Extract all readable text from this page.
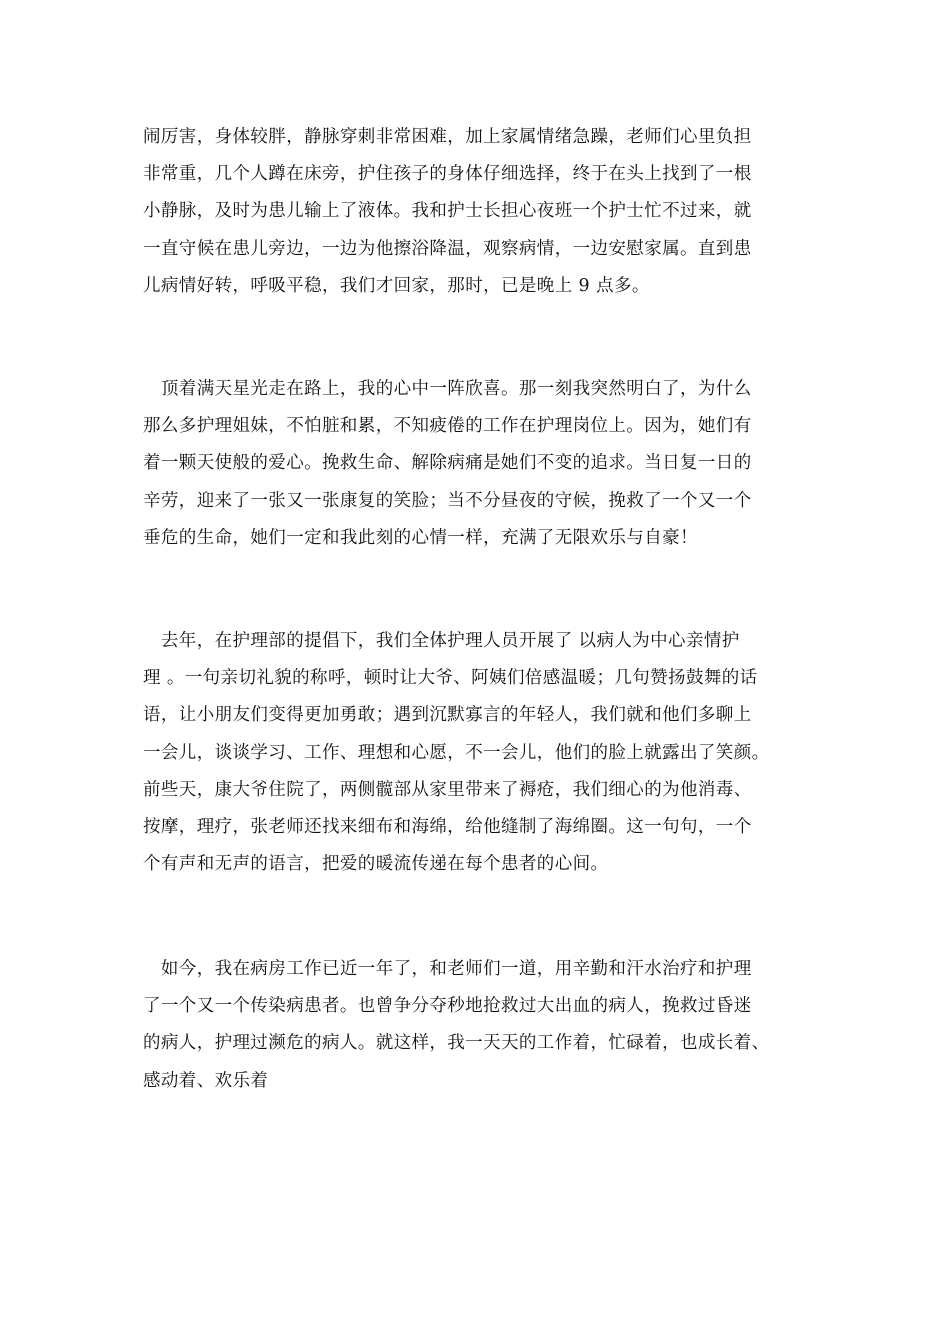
闹厉害，身体较胖，静脉穿刺非常困难，加上家属情绪急躁，老师们心里负担
非常重，几个人蹲在床旁，护住孩子的身体仔细选择，终于在头上找到了一根
小静脉，及时为患儿输上了液体。我和护士长担心夜班一个护士忙不过来，就
一直守候在患儿旁边，一边为他擦浴降温，观察病情，一边安慰家属。直到患
儿病情好转，呼吸平稳，我们才回家，那时，已是晚上 9 点多。

　顶着满天星光走在路上，我的心中一阵欣喜。那一刻我突然明白了，为什么
那么多护理姐妹，不怕脏和累，不知疲倦的工作在护理岗位上。因为，她们有
着一颗天使般的爱心。挽救生命、解除病痛是她们不变的追求。当日复一日的
辛劳，迎来了一张又一张康复的笑脸；当不分昼夜的守候，挽救了一个又一个
垂危的生命，她们一定和我此刻的心情一样，充满了无限欢乐与自豪！

　去年，在护理部的提倡下，我们全体护理人员开展了 以病人为中心亲情护
理 。一句亲切礼貌的称呼，顿时让大爷、阿姨们倍感温暖；几句赞扬鼓舞的话
语，让小朋友们变得更加勇敢；遇到沉默寡言的年轻人，我们就和他们多聊上
一会儿，谈谈学习、工作、理想和心愿，不一会儿，他们的脸上就露出了笑颜。
前些天，康大爷住院了，两侧髋部从家里带来了褥疮，我们细心的为他消毒、
按摩，理疗，张老师还找来细布和海绵，给他缝制了海绵圈。这一句句，一个
个有声和无声的语言，把爱的暖流传递在每个患者的心间。

　如今，我在病房工作已近一年了，和老师们一道，用辛勤和汗水治疗和护理
了一个又一个传染病患者。也曾争分夺秒地抢救过大出血的病人，挽救过昏迷
的病人，护理过濒危的病人。就这样，我一天天的工作着，忙碌着，也成长着、
感动着、欢乐着
